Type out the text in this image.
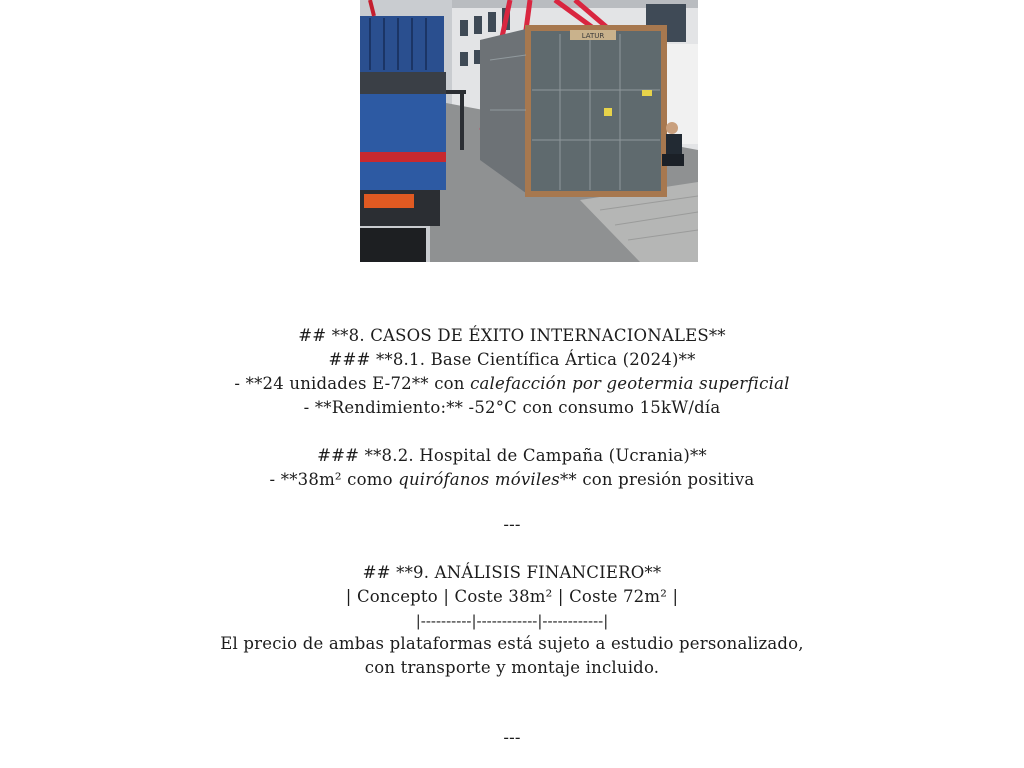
LATUR
## **8. CASOS DE ÉXITO INTERNACIONALES**
### **8.1. Base Científica Ártica (2024)**
- **24 unidades E-72** con calefacción por geotermia superficial
- **Rendimiento:** -52°C con consumo 15kW/día
### **8.2. Hospital de Campaña (Ucrania)**
- **38m² como quirófanos móviles** con presión positiva
---
## **9. ANÁLISIS FINANCIERO**
| Concepto | Coste 38m² | Coste 72m² |
|----------|------------|------------|
El precio de ambas plataformas está sujeto a estudio personalizado,
con transporte y montaje incluido.
---
